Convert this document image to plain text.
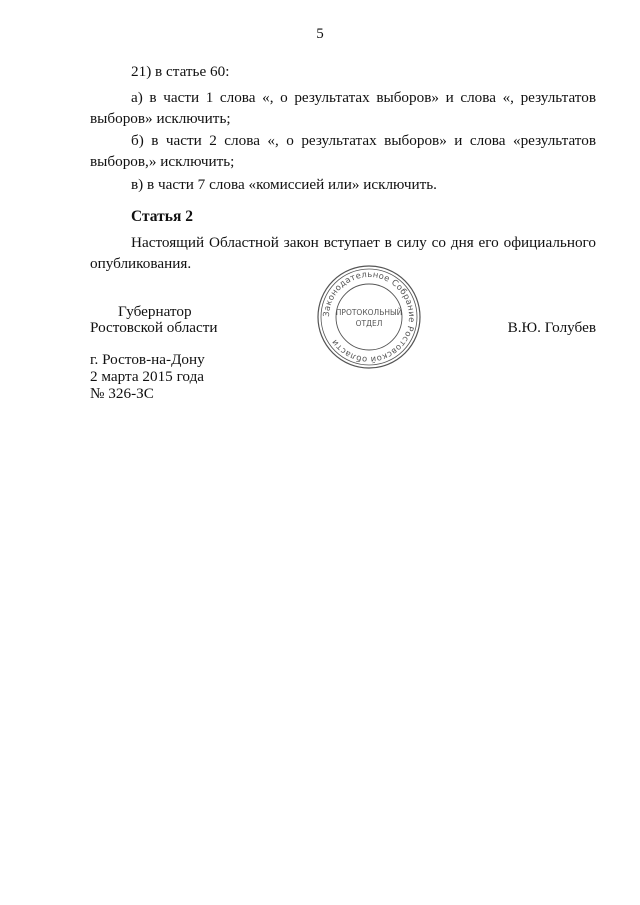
5

21) в статье 60:

а) в части 1 слова «, о результатах выборов» и слова «, результатов выборов» исключить;

б) в части 2 слова «, о результатах выборов» и слова «результатов выборов,» исключить;

в) в части 7 слова «комиссией или» исключить.

Статья 2

Настоящий Областной закон вступает в силу со дня его официального опубликования.

Губернатор
Ростовской области	В.Ю. Голубев
Законодательное Собрание Ростовской области
ПРОТОКОЛЬНЫЙ
ОТДЕЛ
г. Ростов-на-Дону
2 марта 2015 года
№ 326-ЗС
